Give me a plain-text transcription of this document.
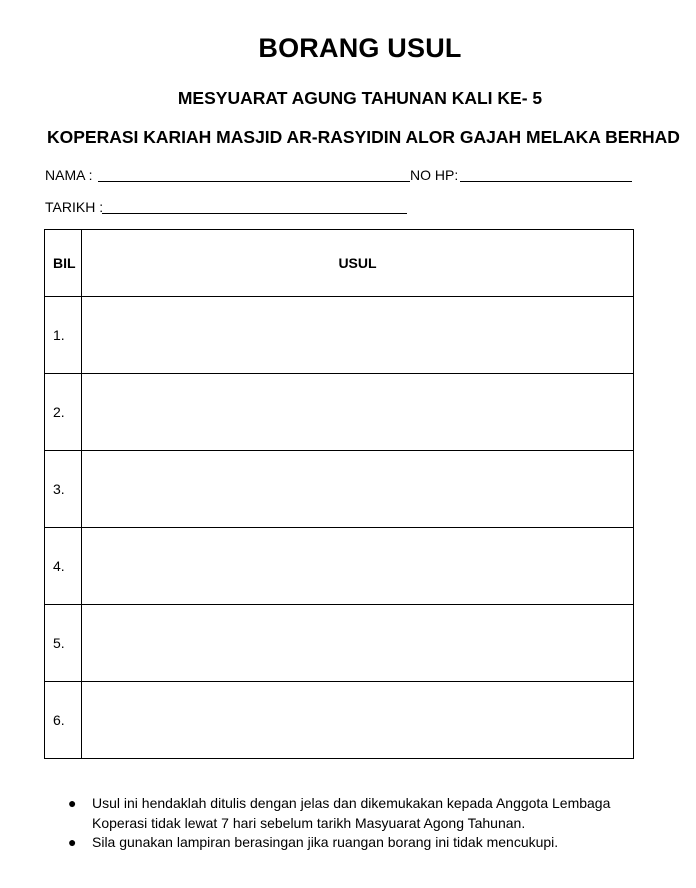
BORANG USUL
MESYUARAT AGUNG TAHUNAN KALI KE- 5
KOPERASI KARIAH MASJID AR-RASYIDIN ALOR GAJAH MELAKA BERHAD
NAMA :	NO HP:
TARIKH :
BIL	USUL
1.	
2.	
3.	
4.	
5.	
6.	
● Usul ini hendaklah ditulis dengan jelas dan dikemukakan kepada Anggota Lembaga Koperasi tidak lewat 7 hari sebelum tarikh Masyuarat Agong Tahunan.
● Sila gunakan lampiran berasingan jika ruangan borang ini tidak mencukupi.
